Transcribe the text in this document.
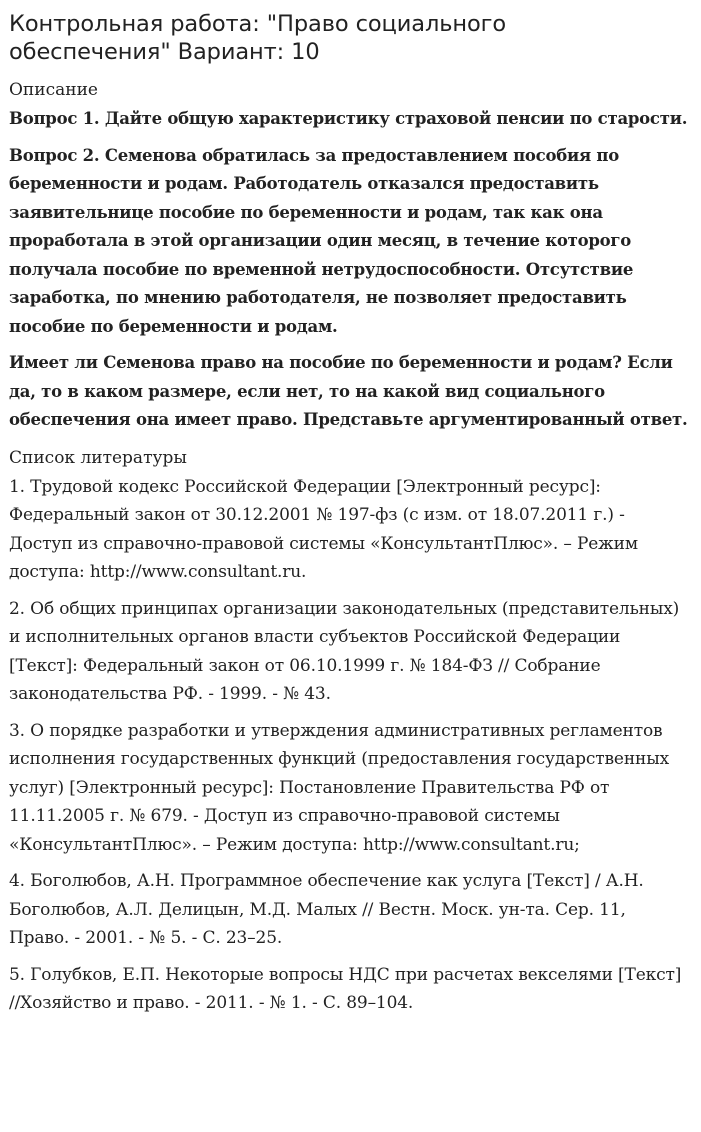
Контрольная работа: "Право социального
обеспечения" Вариант: 10
Описание

Вопрос 1. Дайте общую характеристику страховой пенсии по старости.

Вопрос 2. Семенова обратилась за предоставлением пособия по беременности и родам. Работодатель отказался предоставить заявительнице пособие по беременности и родам, так как она проработала в этой организации один месяц, в течение которого получала пособие по временной нетрудоспособности. Отсутствие заработка, по мнению работодателя, не позволяет предоставить пособие по беременности и родам.

Имеет ли Семенова право на пособие по беременности и родам? Если да, то в каком размере, если нет, то на какой вид социального обеспечения она имеет право. Представьте аргументированный ответ.

Список литературы

1. Трудовой кодекс Российской Федерации [Электронный ресурс]: Федеральный закон от 30.12.2001 № 197-фз (с изм. от 18.07.2011 г.) - Доступ из справочно-правовой системы «КонсультантПлюс». – Режим доступа: http://www.consultant.ru.

2. Об общих принципах организации законодательных (представительных) и исполнительных органов власти субъектов Российской Федерации [Текст]: Федеральный закон от 06.10.1999 г. № 184-ФЗ // Собрание законодательства РФ. - 1999. - № 43.

3. О порядке разработки и утверждения административных регламентов исполнения государственных функций (предоставления государственных услуг) [Электронный ресурс]: Постановление Правительства РФ от 11.11.2005 г. № 679. - Доступ из справочно-правовой системы «КонсультантПлюс». – Режим доступа: http://www.consultant.ru;

4. Боголюбов, А.Н. Программное обеспечение как услуга [Текст] / А.Н. Боголюбов, А.Л. Делицын, М.Д. Малых // Вестн. Моск. ун-та. Сер. 11, Право. - 2001. - № 5. - С. 23–25.

5. Голубков, Е.П. Некоторые вопросы НДС при расчетах векселями [Текст] //Хозяйство и право. - 2011. - № 1. - С. 89–104.
